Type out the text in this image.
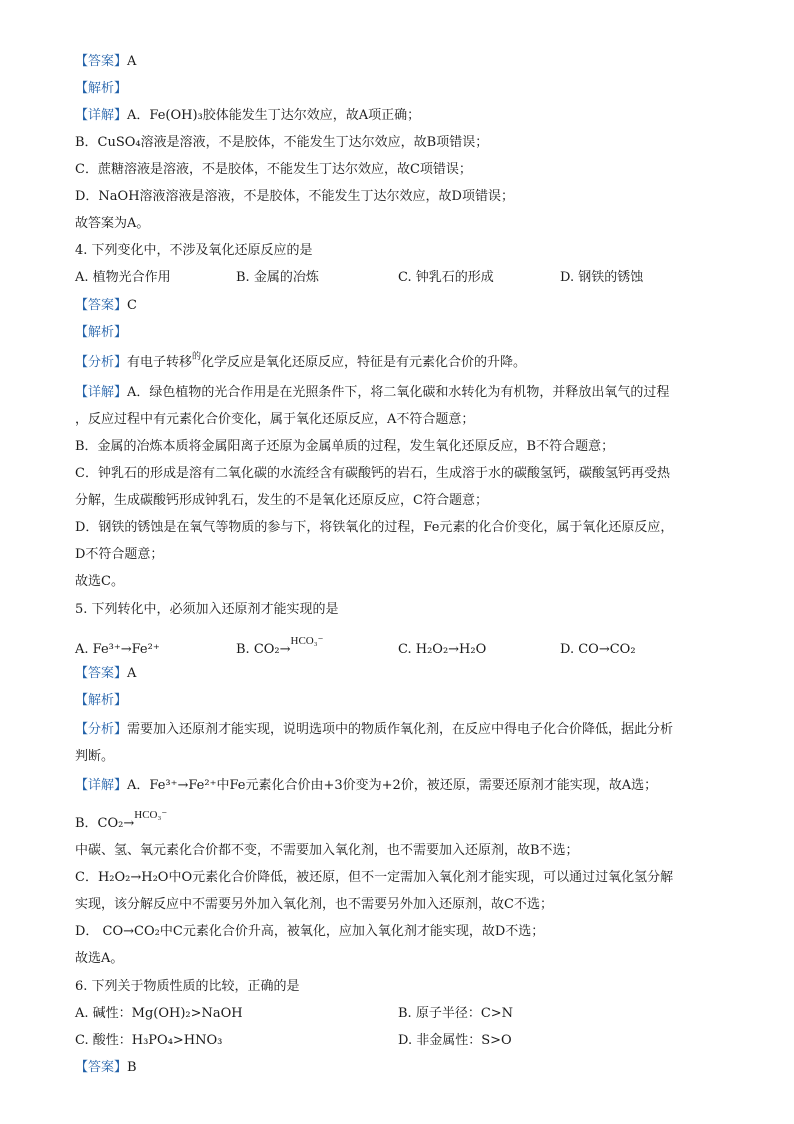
【答案】A
【解析】
【详解】A．Fe(OH)₃胶体能发生丁达尔效应，故A项正确；
B．CuSO₄溶液是溶液，不是胶体，不能发生丁达尔效应，故B项错误；
C．蔗糖溶液是溶液，不是胶体，不能发生丁达尔效应，故C项错误；
D．NaOH溶液溶液是溶液，不是胶体，不能发生丁达尔效应，故D项错误；
故答案为A。
4. 下列变化中，不涉及氧化还原反应的是
A. 植物光合作用	B. 金属的冶炼	C. 钟乳石的形成	D. 钢铁的锈蚀
【答案】C
【解析】
【分析】有电子转移$^的$化学反应是氧化还原反应，特征是有元素化合价的升降。
【详解】A．绿色植物的光合作用是在光照条件下，将二氧化碳和水转化为有机物，并释放出氧气的过程
，反应过程中有元素化合价变化，属于氧化还原反应，A不符合题意；
B．金属的冶炼本质将金属阳离子还原为金属单质的过程，发生氧化还原反应，B不符合题意；
C．钟乳石的形成是溶有二氧化碳的水流经含有碳酸钙的岩石，生成溶于水的碳酸氢钙，碳酸氢钙再受热
分解，生成碳酸钙形成钟乳石，发生的不是氧化还原反应，C符合题意；
D．钢铁的锈蚀是在氧气等物质的参与下，将铁氧化的过程，Fe元素的化合价变化，属于氧化还原反应，
D不符合题意；
故选C。
5. 下列转化中，必须加入还原剂才能实现的是
A. Fe³⁺→Fe²⁺	B. CO₂→$^{HCO_3^-}$
C. H₂O₂→H₂O	D. CO→CO₂
【答案】A
【解析】
【分析】需要加入还原剂才能实现，说明选项中的物质作氧化剂，在反应中得电子化合价降低，据此分析
判断。
【详解】A．Fe³⁺→Fe²⁺中Fe元素化合价由+3价变为+2价，被还原，需要还原剂才能实现，故A选；
B．CO₂→$^{HCO_3^-}$
中碳、氢、氧元素化合价都不变，不需要加入氧化剂，也不需要加入还原剂，故B不选；
C．H₂O₂→H₂O中O元素化合价降低，被还原，但不一定需加入氧化剂才能实现，可以通过过氧化氢分解
实现，该分解反应中不需要另外加入氧化剂，也不需要另外加入还原剂，故C不选；
D． CO→CO₂中C元素化合价升高，被氧化，应加入氧化剂才能实现，故D不选；
故选A。
6. 下列关于物质性质的比较，正确的是
A. 碱性：Mg(OH)₂>NaOH	B. 原子半径：C>N
C. 酸性：H₃PO₄>HNO₃	D. 非金属性：S>O
【答案】B
